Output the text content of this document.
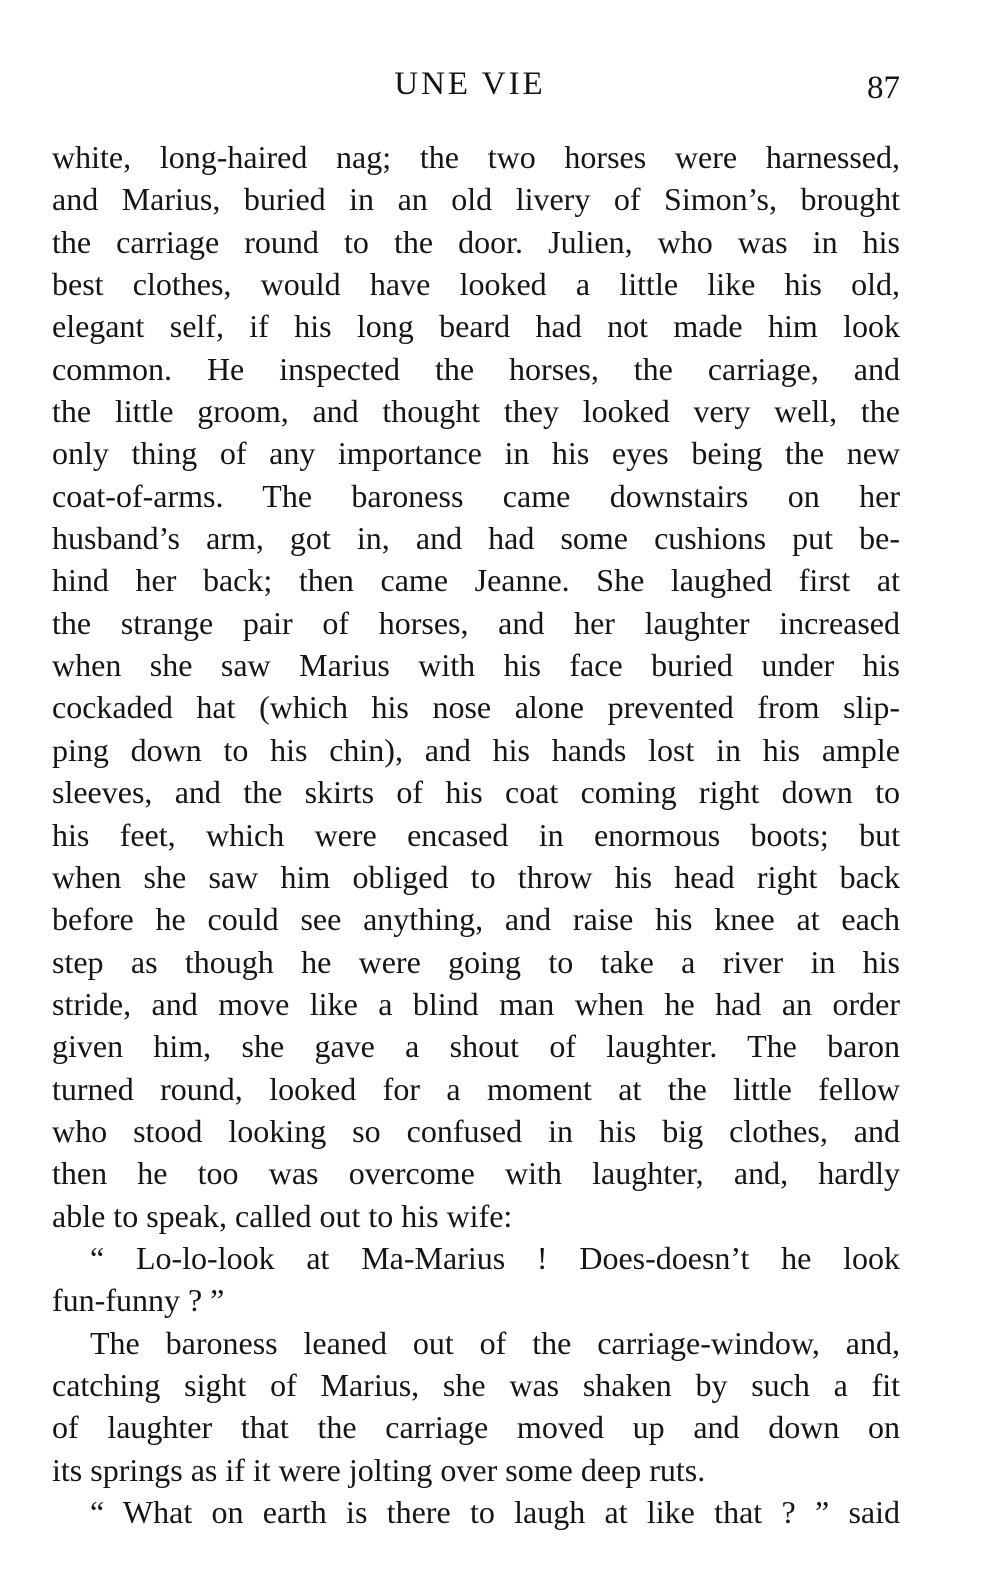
UNE VIE	87
white, long-haired nag; the two horses were harnessed,
and Marius, buried in an old livery of Simon’s, brought
the carriage round to the door. Julien, who was in his
best clothes, would have looked a little like his old,
elegant self, if his long beard had not made him look
common. He inspected the horses, the carriage, and
the little groom, and thought they looked very well, the
only thing of any importance in his eyes being the new
coat-of-arms. The baroness came downstairs on her
husband’s arm, got in, and had some cushions put be-
hind her back; then came Jeanne. She laughed first at
the strange pair of horses, and her laughter increased
when she saw Marius with his face buried under his
cockaded hat (which his nose alone prevented from slip-
ping down to his chin), and his hands lost in his ample
sleeves, and the skirts of his coat coming right down to
his feet, which were encased in enormous boots; but
when she saw him obliged to throw his head right back
before he could see anything, and raise his knee at each
step as though he were going to take a river in his
stride, and move like a blind man when he had an order
given him, she gave a shout of laughter. The baron
turned round, looked for a moment at the little fellow
who stood looking so confused in his big clothes, and
then he too was overcome with laughter, and, hardly
able to speak, called out to his wife:
“ Lo-lo-look at Ma-Marius ! Does-doesn’t he look
fun-funny ? ”
The baroness leaned out of the carriage-window, and,
catching sight of Marius, she was shaken by such a fit
of laughter that the carriage moved up and down on
its springs as if it were jolting over some deep ruts.
“ What on earth is there to laugh at like that ? ” said
